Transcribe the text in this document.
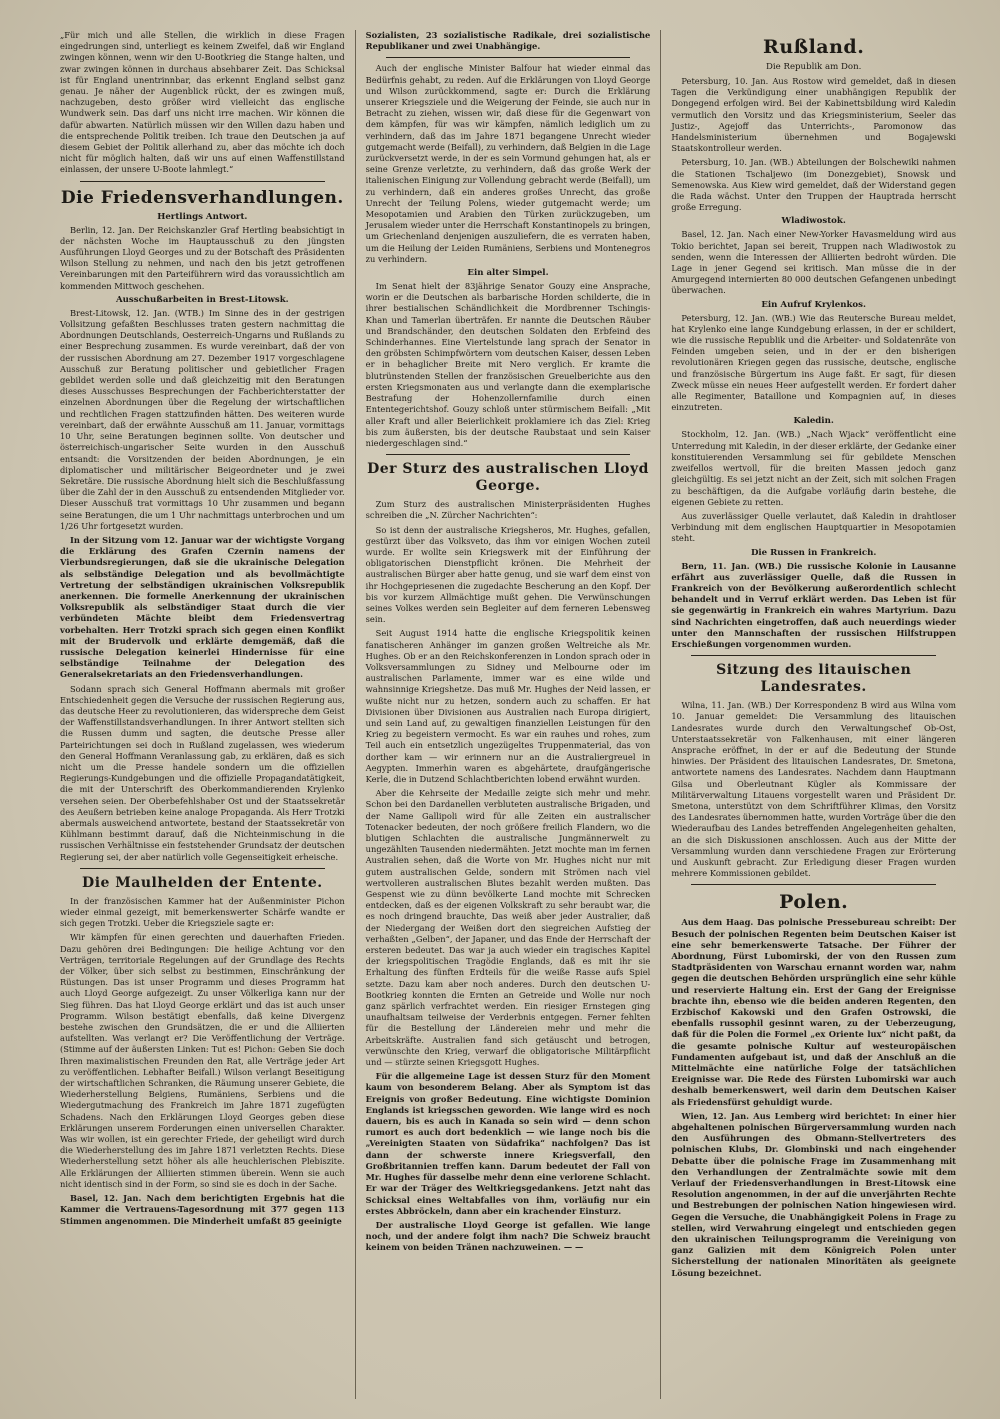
„Für mich und alle Stellen, die wirklich in diese Fragen eingedrungen sind, unterliegt es keinem Zweifel, daß wir England zwingen können, wenn wir den U-Bootkrieg die Stange halten, und zwar zwingen können in durchaus absehbarer Zeit. Das Schicksal ist für England unentrinnbar, das erkennt England selbst ganz genau. Je näher der Augenblick rückt, der es zwingen muß, nachzugeben, desto größer wird vielleicht das englische Wundwerk sein. Das darf uns nicht irre machen. Wir können die dafür abwarten. Natürlich müssen wir den Willen dazu haben und die entsprechende Politik treiben. Ich traue den Deutschen ja auf diesem Gebiet der Politik allerhand zu, aber das möchte ich doch nicht für möglich halten, daß wir uns auf einen Waffenstillstand einlassen, der unsere U-Boote lahmlegt.“

Die Friedensverhandlungen.
Hertlings Antwort.

Berlin, 12. Jan. Der Reichskanzler Graf Hertling beabsichtigt in der nächsten Woche im Hauptausschuß zu den jüngsten Ausführungen Lloyd Georges und zu der Botschaft des Präsidenten Wilson Stellung zu nehmen, und nach den bis jetzt getroffenen Vereinbarungen mit den Parteiführern wird das voraussichtlich am kommenden Mittwoch geschehen.

Ausschußarbeiten in Brest-Litowsk.

Brest-Litowsk, 12. Jan. (WTB.) Im Sinne des in der gestrigen Vollsitzung gefaßten Beschlusses traten gestern nachmittag die Abordnungen Deutschlands, Oesterreich-Ungarns und Rußlands zu einer Besprechung zusammen. Es wurde vereinbart, daß der von der russischen Abordnung am 27. Dezember 1917 vorgeschlagene Ausschuß zur Beratung politischer und gebietlicher Fragen gebildet werden solle und daß gleichzeitig mit den Beratungen dieses Ausschusses Besprechungen der Fachberichterstatter der einzelnen Abordnungen über die Regelung der wirtschaftlichen und rechtlichen Fragen stattzufinden hätten. Des weiteren wurde vereinbart, daß der erwähnte Ausschuß am 11. Januar, vormittags 10 Uhr, seine Beratungen beginnen sollte. Von deutscher und österreichisch-ungarischer Seite wurden in den Ausschuß entsandt: die Vorsitzenden der beiden Abordnungen, je ein diplomatischer und militärischer Beigeordneter und je zwei Sekretäre. Die russische Abordnung hielt sich die Beschlußfassung über die Zahl der in den Ausschuß zu entsendenden Mitglieder vor. Dieser Ausschuß trat vormittags 10 Uhr zusammen und begann seine Beratungen, die um 1 Uhr nachmittags unterbrochen und um 1/26 Uhr fortgesetzt wurden.

In der Sitzung vom 12. Januar war der wichtigste Vorgang die Erklärung des Grafen Czernin namens der Vierbundsregierungen, daß sie die ukrainische Delegation als selbständige Delegation und als bevollmächtigte Vertretung der selbständigen ukrainischen Volksrepublik anerkennen. Die formelle Anerkennung der ukrainischen Volksrepublik als selbständiger Staat durch die vier verbündeten Mächte bleibt dem Friedensvertrag vorbehalten. Herr Trotzki sprach sich gegen einen Konflikt mit der Brudervolk und erklärte demgemäß, daß die russische Delegation keinerlei Hindernisse für eine selbständige Teilnahme der Delegation des Generalsekretariats an den Friedensverhandlungen.

Sodann sprach sich General Hoffmann abermals mit großer Entschiedenheit gegen die Versuche der russischen Regierung aus, das deutsche Heer zu revolutionieren, das widerspreche dem Geist der Waffenstillstandsverhandlungen. In ihrer Antwort stellten sich die Russen dumm und sagten, die deutsche Presse aller Parteirichtungen sei doch in Rußland zugelassen, wes wiederum den General Hoffmann Veranlassung gab, zu erklären, daß es sich nicht um die Presse handele sondern um die offiziellen Regierungs-Kundgebungen und die offizielle Propagandatätigkeit, die mit der Unterschrift des Oberkommandierenden Krylenko versehen seien. Der Oberbefehlshaber Ost und der Staatssekretär des Aeußern betrieben keine analoge Propaganda. Als Herr Trotzki abermals ausweichend antwortete, bestand der Staatssekretär von Kühlmann bestimmt darauf, daß die Nichteinmischung in die russischen Verhältnisse ein feststehender Grundsatz der deutschen Regierung sei, der aber natürlich volle Gegenseitigkeit erheische.

Die Maulhelden der Entente.

In der französischen Kammer hat der Außenminister Pichon wieder einmal gezeigt, mit bemerkenswerter Schärfe wandte er sich gegen Trotzki. Ueber die Kriegsziele sagte er:

Wir kämpfen für einen gerechten und dauerhaften Frieden. Dazu gehören drei Bedingungen: Die heilige Achtung vor den Verträgen, territoriale Regelungen auf der Grundlage des Rechts der Völker, über sich selbst zu bestimmen, Einschränkung der Rüstungen. Das ist unser Programm und dieses Programm hat auch Lloyd George aufgezeigt. Zu unser Völkerliga kann nur der Sieg führen. Das hat Lloyd George erklärt und das ist auch unser Programm. Wilson bestätigt ebenfalls, daß keine Divergenz bestehe zwischen den Grundsätzen, die er und die Alliierten aufstellten. Was verlangt er? Die Veröffentlichung der Verträge. (Stimme auf der äußersten Linken: Tut es! Pichon: Geben Sie doch Ihren maximalistischen Freunden den Rat, alle Verträge jeder Art zu veröffentlichen. Lebhafter Beifall.) Wilson verlangt Beseitigung der wirtschaftlichen Schranken, die Räumung unserer Gebiete, die Wiederherstellung Belgiens, Rumäniens, Serbiens und die Wiedergutmachung des Frankreich im Jahre 1871 zugefügten Schadens. Nach den Erklärungen Lloyd Georges geben diese Erklärungen unserem Forderungen einen universellen Charakter. Was wir wollen, ist ein gerechter Friede, der geheiligt wird durch die Wiederherstellung des im Jahre 1871 verletzten Rechts. Diese Wiederherstellung setzt höher als alle heuchlerischen Plebiszite. Alle Erklärungen der Alliierten stimmen überein. Wenn sie auch nicht identisch sind in der Form, so sind sie es doch in der Sache.

Basel, 12. Jan. Nach dem berichtigten Ergebnis hat die Kammer die Vertrauens-Tagesordnung mit 377 gegen 113 Stimmen angenommen. Die Minderheit umfaßt 85 geeinigte

Sozialisten, 23 sozialistische Radikale, drei sozialistische Republikaner und zwei Unabhängige.

Auch der englische Minister Balfour hat wieder einmal das Bedürfnis gehabt, zu reden. Auf die Erklärungen von Lloyd George und Wilson zurückkommend, sagte er: Durch die Erklärung unserer Kriegsziele und die Weigerung der Feinde, sie auch nur in Betracht zu ziehen, wissen wir, daß diese für die Gegenwart von dem kämpfen, für was wir kämpfen, nämlich lediglich um zu verhindern, daß das im Jahre 1871 begangene Unrecht wieder gutgemacht werde (Beifall), zu verhindern, daß Belgien in die Lage zurückversetzt werde, in der es sein Vormund gehungen hat, als er seine Grenze verletzte, zu verhindern, daß das große Werk der italienischen Einigung zur Vollendung gebracht werde (Beifall), um zu verhindern, daß ein anderes großes Unrecht, das große Unrecht der Teilung Polens, wieder gutgemacht werde; um Mesopotamien und Arabien den Türken zurückzugeben, um Jerusalem wieder unter die Herrschaft Konstantinopels zu bringen, um Griechenland denjenigen auszuliefern, die es verraten haben, um die Heilung der Leiden Rumäniens, Serbiens und Montenegros zu verhindern.

Ein alter Simpel.

Im Senat hielt der 83jährige Senator Gouzy eine Ansprache, worin er die Deutschen als barbarische Horden schilderte, die in ihrer bestialischen Schändlichkeit die Mordbrenner Tschingis-Khan und Tamerlan überträfen. Er nannte die Deutschen Räuber und Brandschänder, den deutschen Soldaten den Erbfeind des Schinderhannes. Eine Viertelstunde lang sprach der Senator in den gröbsten Schimpfwörtern vom deutschen Kaiser, dessen Leben er in behaglicher Breite mit Nero verglich. Er kramte die blutrünstenden Stellen der französischen Greuelberichte aus den ersten Kriegsmonaten aus und verlangte dann die exemplarische Bestrafung der Hohenzollernfamilie durch einen Ententegerichtshof. Gouzy schloß unter stürmischem Beifall: „Mit aller Kraft und aller Beierlichkeit proklamiere ich das Ziel: Krieg bis zum äußersten, bis der deutsche Raubstaat und sein Kaiser niedergeschlagen sind.“

Der Sturz des australischen Lloyd George.

Zum Sturz des australischen Ministerpräsidenten Hughes schreiben die „N. Zürcher Nachrichten“:

So ist denn der australische Kriegsheros, Mr. Hughes, gefallen, gestürzt über das Volksveto, das ihm vor einigen Wochen zuteil wurde. Er wollte sein Kriegswerk mit der Einführung der obligatorischen Dienstpflicht krönen. Die Mehrheit der australischen Bürger aber hatte genug, und sie warf dem einst von ihr Hochgepriesenen die zugedachte Bescherung an den Kopf. Der bis vor kurzem Allmächtige mußt gehen. Die Verwünschungen seines Volkes werden sein Begleiter auf dem ferneren Lebensweg sein.

Seit August 1914 hatte die englische Kriegspolitik keinen fanatischeren Anhänger im ganzen großen Weltreiche als Mr. Hughes. Ob er an den Reichskonferenzen in London sprach oder in Volksversammlungen zu Sidney und Melbourne oder im australischen Parlamente, immer war es eine wilde und wahnsinnige Kriegshetze. Das muß Mr. Hughes der Neid lassen, er wußte nicht nur zu hetzen, sondern auch zu schaffen. Er hat Divisionen über Divisionen aus Australien nach Europa dirigiert, und sein Land auf, zu gewaltigen finanziellen Leistungen für den Krieg zu begeistern vermocht. Es war ein rauhes und rohes, zum Teil auch ein entsetzlich ungezügeltes Truppenmaterial, das von dorther kam — wir erinnern nur an die Australiergreuel in Aegypten. Immerhin waren es abgehärtete, draufgängerische Kerle, die in Dutzend Schlachtberichten lobend erwähnt wurden.

Aber die Kehrseite der Medaille zeigte sich mehr und mehr. Schon bei den Dardanellen verbluteten australische Brigaden, und der Name Gallipoli wird für alle Zeiten ein australischer Totenacker bedeuten, der noch größere freilich Flandern, wo die blutigen Schlachten die australische Jungmännerwelt zu ungezählten Tausenden niedermähten. Jetzt mochte man im fernen Australien sehen, daß die Worte von Mr. Hughes nicht nur mit gutem australischen Gelde, sondern mit Strömen nach viel wertvolleren australischen Blutes bezahlt werden mußten. Das Gespenst wie zu dünn bevölkerte Land mochte mit Schrecken entdecken, daß es der eigenen Volkskraft zu sehr beraubt war, die es noch dringend brauchte, Das weiß aber jeder Australier, daß der Niedergang der Weißen dort den siegreichen Aufstieg der verhaßten „Gelben“, der Japaner, und das Ende der Herrschaft der ersteren bedeutet. Das war ja auch wieder ein tragisches Kapitel der kriegspolitischen Tragödie Englands, daß es mit ihr sie Erhaltung des fünften Erdteils für die weiße Rasse aufs Spiel setzte. Dazu kam aber noch anderes. Durch den deutschen U-Bootkrieg konnten die Ernten an Getreide und Wolle nur noch ganz spärlich verfrachtet werden. Ein riesiger Ernstegen ging unaufhaltsam teilweise der Verderbnis entgegen. Ferner fehlten für die Bestellung der Ländereien mehr und mehr die Arbeitskräfte. Australien fand sich getäuscht und betrogen, verwünschte den Krieg, verwarf die obligatorische Militärpflicht und — stürzte seinen Kriegsgott Hughes.

Für die allgemeine Lage ist dessen Sturz für den Moment kaum von besonderem Belang. Aber als Symptom ist das Ereignis von großer Bedeutung. Eine wichtigste Dominion Englands ist kriegsschen geworden. Wie lange wird es noch dauern, bis es auch in Kanada so sein wird — denn schon rumort es auch dort bedenklich — wie lange noch bis die „Vereinigten Staaten von Südafrika“ nachfolgen? Das ist dann der schwerste innere Kriegsverfall, den Großbritannien treffen kann. Darum bedeutet der Fall von Mr. Hughes für dasselbe mehr denn eine verlorene Schlacht. Er war der Träger des Weltkriegsgedankens. Jetzt naht das Schicksal eines Weltabfalles von ihm, vorläufig nur ein erstes Abbröckeln, dann aber ein krachender Einsturz.

Der australische Lloyd George ist gefallen. Wie lange noch, und der andere folgt ihm nach? Die Schweiz braucht keinem von beiden Tränen nachzuweinen. — —

Rußland.
Die Republik am Don.

Petersburg, 10. Jan. Aus Rostow wird gemeldet, daß in diesen Tagen die Verkündigung einer unabhängigen Republik der Dongegend erfolgen wird. Bei der Kabinettsbildung wird Kaledin vermutlich den Vorsitz und das Kriegsministerium, Seeler das Justiz-, Agejoff das Unterrichts-, Paromonow das Handelsministerium übernehmen und Bogajewski Staatskontrolleur werden.

Petersburg, 10. Jan. (WB.) Abteilungen der Bolschewiki nahmen die Stationen Tschaljewo (im Donezgebiet), Snowsk und Semenowska. Aus Kiew wird gemeldet, daß der Widerstand gegen die Rada wächst. Unter den Truppen der Hauptrada herrscht große Erregung.

Wladiwostok.

Basel, 12. Jan. Nach einer New-Yorker Havasmeldung wird aus Tokio berichtet, Japan sei bereit, Truppen nach Wladiwostok zu senden, wenn die Interessen der Alliierten bedroht würden. Die Lage in jener Gegend sei kritisch. Man müsse die in der Amurgegend internierten 80 000 deutschen Gefangenen unbedingt überwachen.

Ein Aufruf Krylenkos.

Petersburg, 12. Jan. (WB.) Wie das Reutersche Bureau meldet, hat Krylenko eine lange Kundgebung erlassen, in der er schildert, wie die russische Republik und die Arbeiter- und Soldatenräte von Feinden umgeben seien, und in der er den bisherigen revolutionären Kriegen gegen das russische, deutsche, englische und französische Bürgertum ins Auge faßt. Er sagt, für diesen Zweck müsse ein neues Heer aufgestellt werden. Er fordert daher alle Regimenter, Bataillone und Kompagnien auf, in dieses einzutreten.

Kaledin.

Stockholm, 12. Jan. (WB.) „Nach Wjack“ veröffentlicht eine Unterredung mit Kaledin, in der dieser erklärte, der Gedanke einer konstituierenden Versammlung sei für gebildete Menschen zweifellos wertvoll, für die breiten Massen jedoch ganz gleichgültig. Es sei jetzt nicht an der Zeit, sich mit solchen Fragen zu beschäftigen, da die Aufgabe vorläufig darin bestehe, die eigenen Gebiete zu retten.

Aus zuverlässiger Quelle verlautet, daß Kaledin in drahtloser Verbindung mit dem englischen Hauptquartier in Mesopotamien steht.

Die Russen in Frankreich.

Bern, 11. Jan. (WB.) Die russische Kolonie in Lausanne erfährt aus zuverlässiger Quelle, daß die Russen in Frankreich von der Bevölkerung außerordentlich schlecht behandelt und in Verruf erklärt werden. Das Leben ist für sie gegenwärtig in Frankreich ein wahres Martyrium. Dazu sind Nachrichten eingetroffen, daß auch neuerdings wieder unter den Mannschaften der russischen Hilfstruppen Erschießungen vorgenommen wurden.

Sitzung des litauischen Landesrates.

Wilna, 11. Jan. (WB.) Der Korrespondenz B wird aus Wilna vom 10. Januar gemeldet: Die Versammlung des litauischen Landesrates wurde durch den Verwaltungschef Ob-Ost, Unterstaatssekretär von Falkenhausen, mit einer längeren Ansprache eröffnet, in der er auf die Bedeutung der Stunde hinwies. Der Präsident des litauischen Landesrates, Dr. Smetona, antwortete namens des Landesrates. Nachdem dann Hauptmann Gilsa und Oberleutnant Kügler als Kommissare der Militärverwaltung Litauens vorgestellt waren und Präsident Dr. Smetona, unterstützt von dem Schriftführer Klimas, den Vorsitz des Landesrates übernommen hatte, wurden Vorträge über die den Wiederaufbau des Landes betreffenden Angelegenheiten gehalten, an die sich Diskussionen anschlossen. Auch aus der Mitte der Versammlung wurden dann verschiedene Fragen zur Erörterung und Auskunft gebracht. Zur Erledigung dieser Fragen wurden mehrere Kommissionen gebildet.

Polen.

Aus dem Haag. Das polnische Pressebureau schreibt: Der Besuch der polnischen Regenten beim Deutschen Kaiser ist eine sehr bemerkenswerte Tatsache. Der Führer der Abordnung, Fürst Lubomirski, der von den Russen zum Stadtpräsidenten von Warschau ernannt worden war, nahm gegen die deutschen Behörden ursprünglich eine sehr kühle und reservierte Haltung ein. Erst der Gang der Ereignisse brachte ihn, ebenso wie die beiden anderen Regenten, den Erzbischof Kakowski und den Grafen Ostrowski, die ebenfalls russophil gesinnt waren, zu der Ueberzeugung, daß für die Polen die Formel „ex Oriente lux“ nicht paßt, da die gesamte polnische Kultur auf westeuropäischen Fundamenten aufgebaut ist, und daß der Anschluß an die Mittelmächte eine natürliche Folge der tatsächlichen Ereignisse war. Die Rede des Fürsten Lubomirski war auch deshalb bemerkenswert, weil darin dem Deutschen Kaiser als Friedensfürst gehuldigt wurde.

Wien, 12. Jan. Aus Lemberg wird berichtet: In einer hier abgehaltenen polnischen Bürgerversammlung wurden nach den Ausführungen des Obmann-Stellvertreters des polnischen Klubs, Dr. Glombinski und nach eingehender Debatte über die polnische Frage im Zusammenhang mit den Verhandlungen der Zentralmächte sowie mit dem Verlauf der Friedensverhandlungen in Brest-Litowsk eine Resolution angenommen, in der auf die unverjährten Rechte und Bestrebungen der polnischen Nation hingewiesen wird. Gegen die Versuche, die Unabhängigkeit Polens in Frage zu stellen, wird Verwahrung eingelegt und entschieden gegen den ukrainischen Teilungsprogramm die Vereinigung von ganz Galizien mit dem Königreich Polen unter Sicherstellung der nationalen Minoritäten als geeignete Lösung bezeichnet.
